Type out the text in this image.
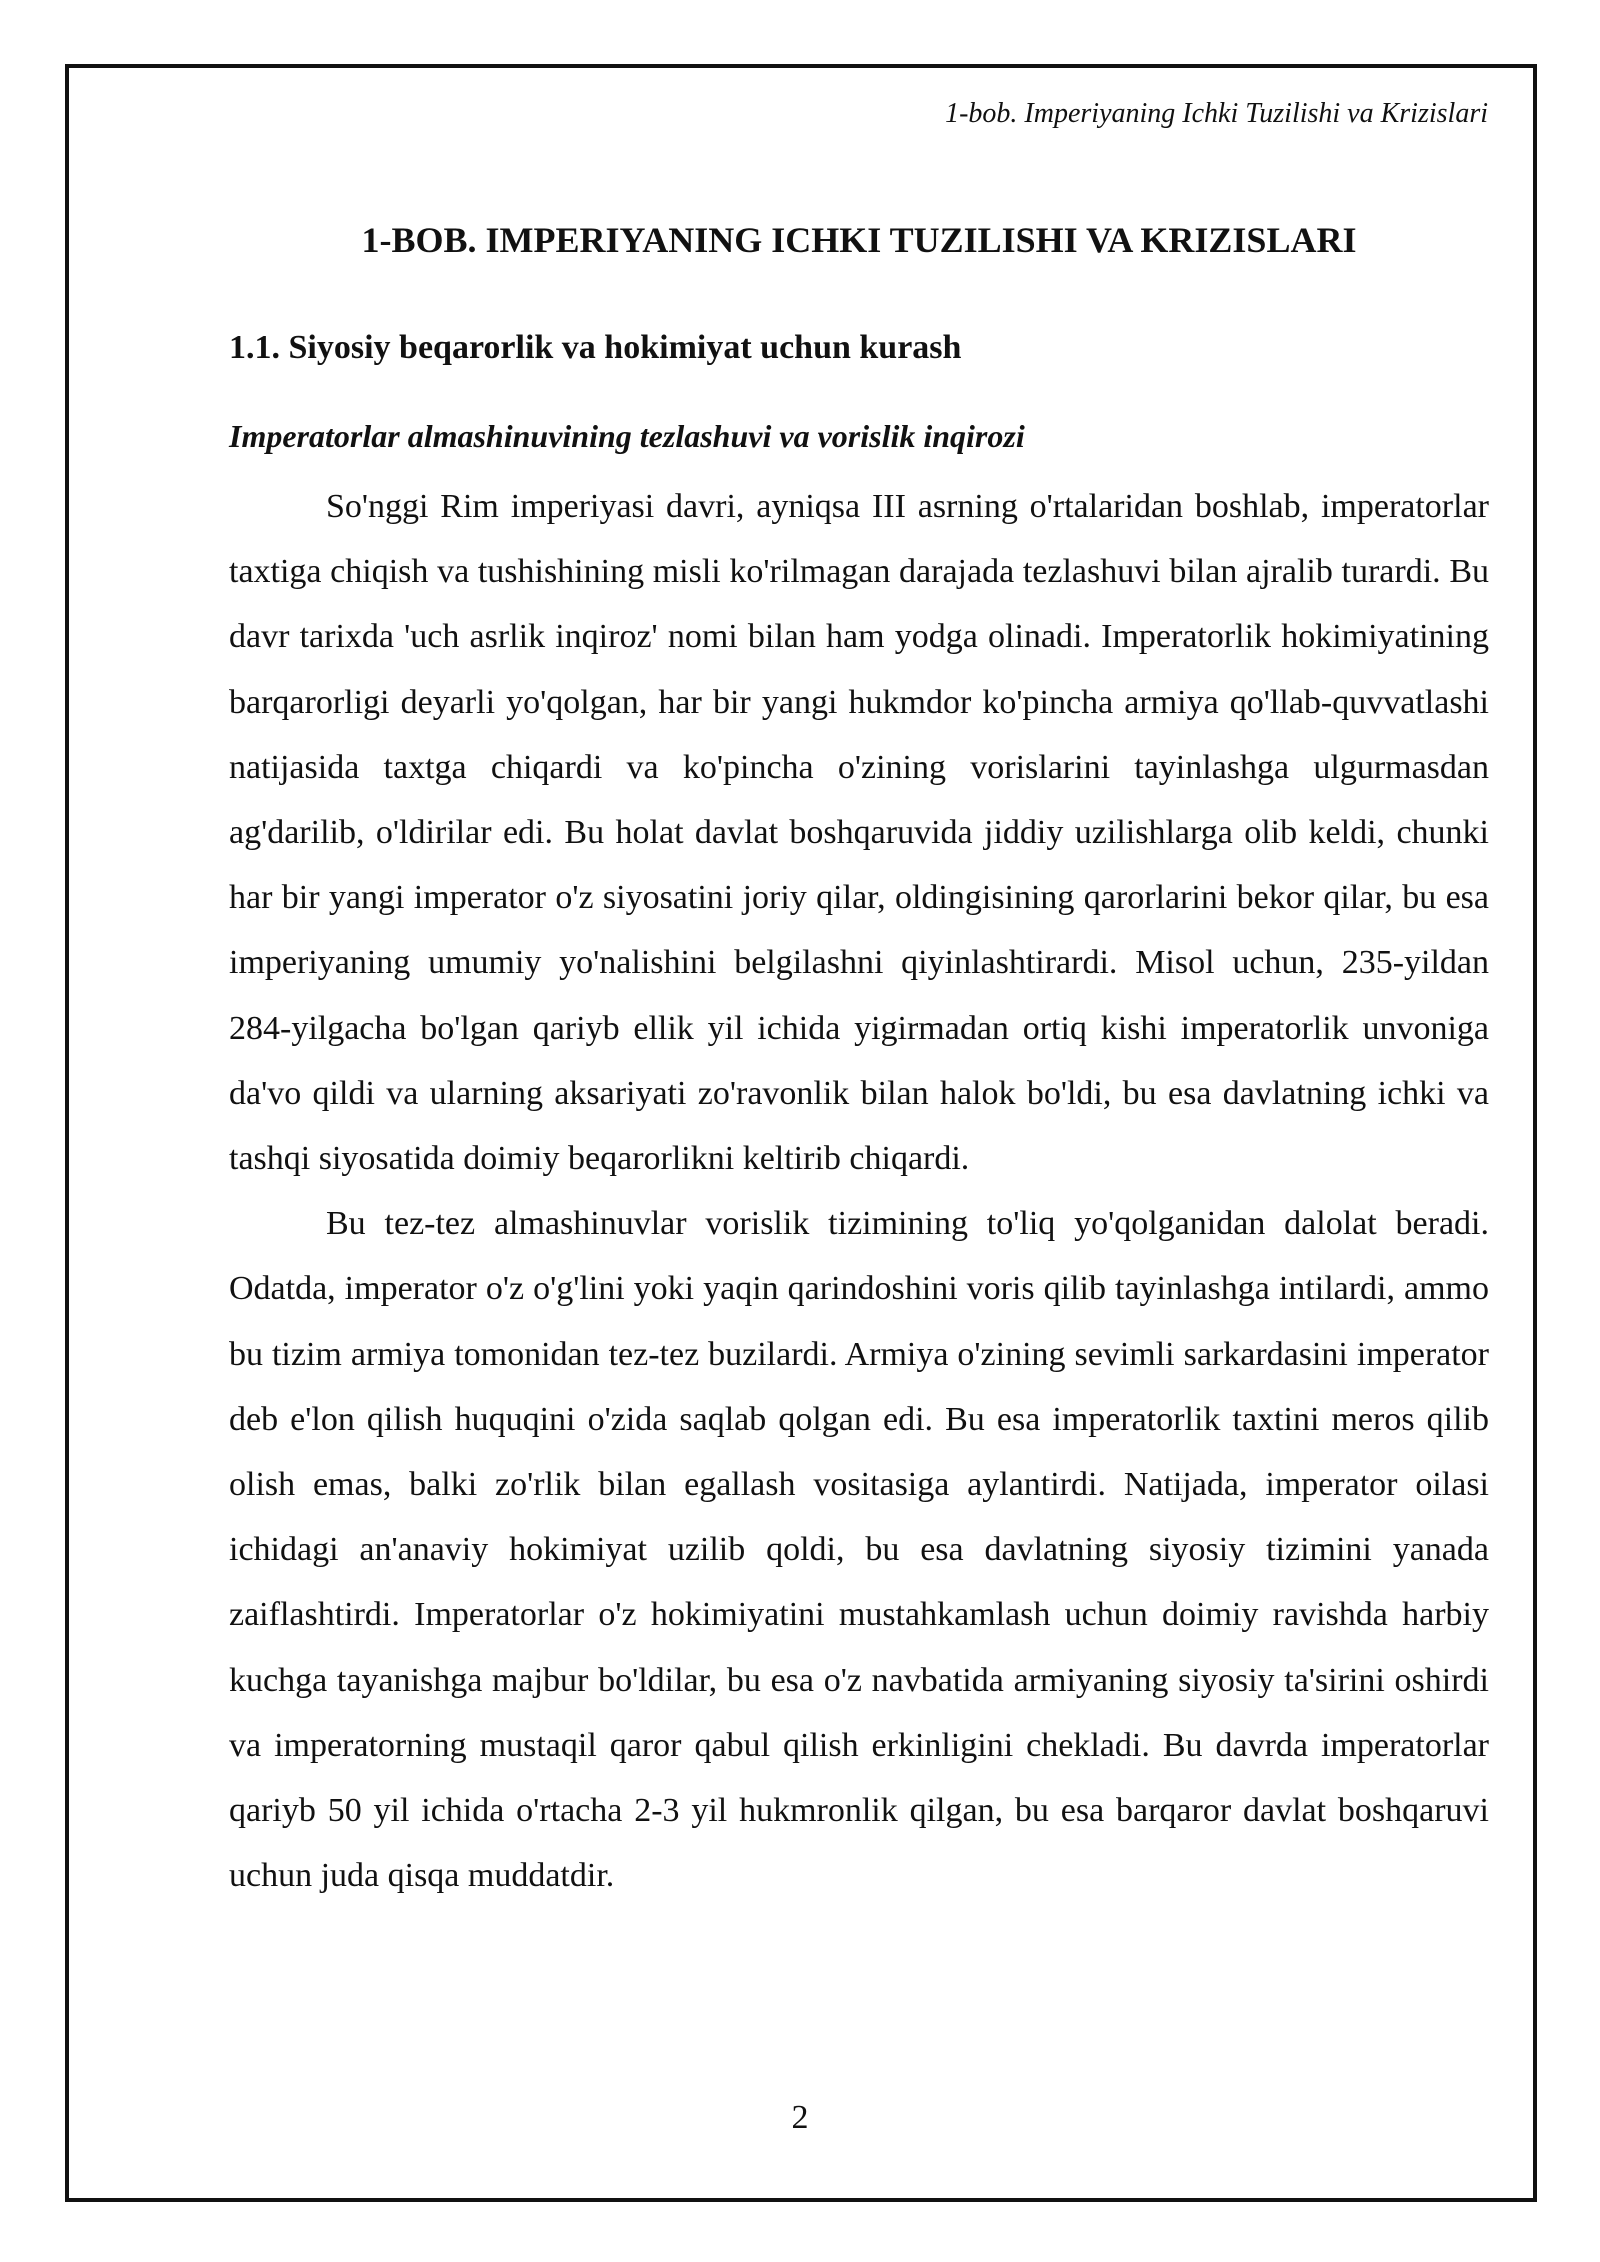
1-bob. Imperiyaning Ichki Tuzilishi va Krizislari
1-BOB. IMPERIYANING ICHKI TUZILISHI VA KRIZISLARI
1.1. Siyosiy beqarorlik va hokimiyat uchun kurash
Imperatorlar almashinuvining tezlashuvi va vorislik inqirozi

So'nggi Rim imperiyasi davri, ayniqsa III asrning o'rtalaridan boshlab, imperatorlar taxtiga chiqish va tushishining misli ko'rilmagan darajada tezlashuvi bilan ajralib turardi. Bu davr tarixda 'uch asrlik inqiroz' nomi bilan ham yodga olinadi. Imperatorlik hokimiyatining barqarorligi deyarli yo'qolgan, har bir yangi hukmdor ko'pincha armiya qo'llab-quvvatlashi natijasida taxtga chiqardi va ko'pincha o'zining vorislarini tayinlashga ulgurmasdan ag'darilib, o'ldirilar edi. Bu holat davlat boshqaruvida jiddiy uzilishlarga olib keldi, chunki har bir yangi imperator o'z siyosatini joriy qilar, oldingisining qarorlarini bekor qilar, bu esa imperiyaning umumiy yo'nalishini belgilashni qiyinlashtirardi. Misol uchun, 235-yildan 284-yilgacha bo'lgan qariyb ellik yil ichida yigirmadan ortiq kishi imperatorlik unvoniga da'vo qildi va ularning aksariyati zo'ravonlik bilan halok bo'ldi, bu esa davlatning ichki va tashqi siyosatida doimiy beqarorlikni keltirib chiqardi.

Bu tez-tez almashinuvlar vorislik tizimining to'liq yo'qolganidan dalolat beradi. Odatda, imperator o'z o'g'lini yoki yaqin qarindoshini voris qilib tayinlashga intilardi, ammo bu tizim armiya tomonidan tez-tez buzilardi. Armiya o'zining sevimli sarkardasini imperator deb e'lon qilish huquqini o'zida saqlab qolgan edi. Bu esa imperatorlik taxtini meros qilib olish emas, balki zo'rlik bilan egallash vositasiga aylantirdi. Natijada, imperator oilasi ichidagi an'anaviy hokimiyat uzilib qoldi, bu esa davlatning siyosiy tizimini yanada zaiflashtirdi. Imperatorlar o'z hokimiyatini mustahkamlash uchun doimiy ravishda harbiy kuchga tayanishga majbur bo'ldilar, bu esa o'z navbatida armiyaning siyosiy ta'sirini oshirdi va imperatorning mustaqil qaror qabul qilish erkinligini chekladi. Bu davrda imperatorlar qariyb 50 yil ichida o'rtacha 2-3 yil hukmronlik qilgan, bu esa barqaror davlat boshqaruvi uchun juda qisqa muddatdir.

2
